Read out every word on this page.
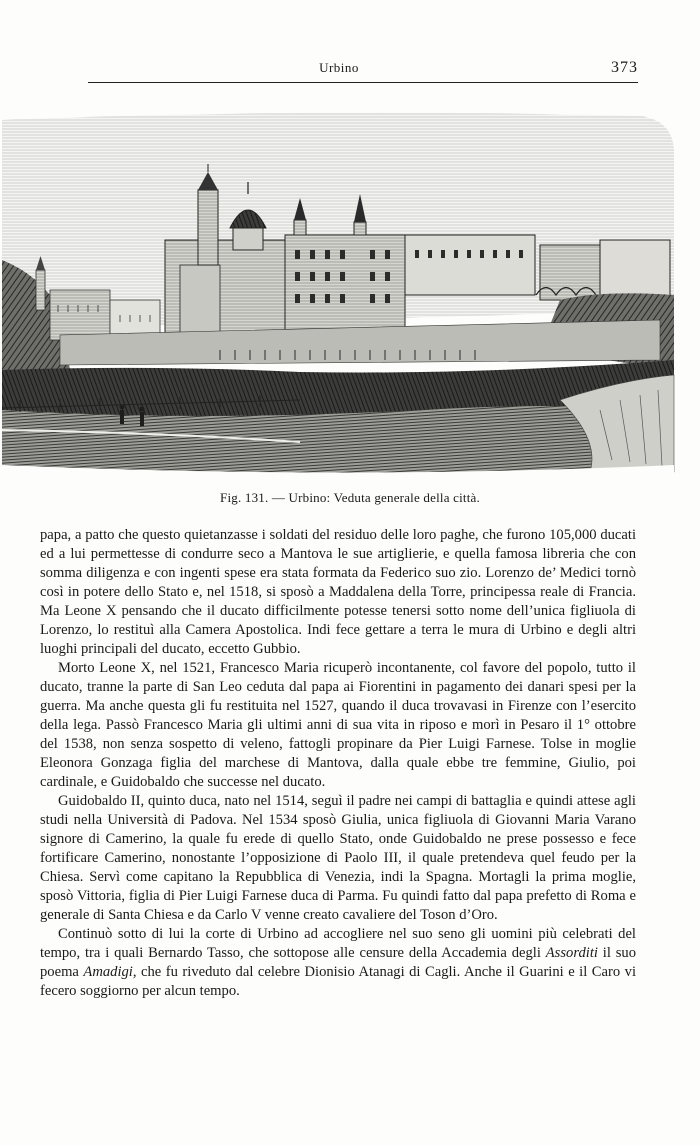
Urbino	373
Fig. 131. — Urbino: Veduta generale della città.

papa, a patto che questo quietanzasse i soldati del residuo delle loro paghe, che furono 105,000 ducati ed a lui permettesse di condurre seco a Mantova le sue artiglierie, e quella famosa libreria che con somma diligenza e con ingenti spese era stata formata da Federico suo zio. Lorenzo de’ Medici tornò così in potere dello Stato e, nel 1518, si sposò a Maddalena della Torre, principessa reale di Francia. Ma Leone X pensando che il ducato difficilmente potesse tenersi sotto nome dell’unica figliuola di Lorenzo, lo restituì alla Camera Apostolica. Indi fece gettare a terra le mura di Urbino e degli altri luoghi principali del ducato, eccetto Gubbio.

Morto Leone X, nel 1521, Francesco Maria ricuperò incontanente, col favore del popolo, tutto il ducato, tranne la parte di San Leo ceduta dal papa ai Fiorentini in pagamento dei danari spesi per la guerra. Ma anche questa gli fu restituita nel 1527, quando il duca trovavasi in Firenze con l’esercito della lega. Passò Francesco Maria gli ultimi anni di sua vita in riposo e morì in Pesaro il 1° ottobre del 1538, non senza sospetto di veleno, fattogli propinare da Pier Luigi Farnese. Tolse in moglie Eleonora Gonzaga figlia del marchese di Mantova, dalla quale ebbe tre femmine, Giulio, poi cardinale, e Guidobaldo che successe nel ducato.

Guidobaldo II, quinto duca, nato nel 1514, seguì il padre nei campi di battaglia e quindi attese agli studi nella Università di Padova. Nel 1534 sposò Giulia, unica figliuola di Giovanni Maria Varano signore di Camerino, la quale fu erede di quello Stato, onde Guidobaldo ne prese possesso e fece fortificare Camerino, nonostante l’opposizione di Paolo III, il quale pretendeva quel feudo per la Chiesa. Servì come capitano la Repubblica di Venezia, indi la Spagna. Mortagli la prima moglie, sposò Vittoria, figlia di Pier Luigi Farnese duca di Parma. Fu quindi fatto dal papa prefetto di Roma e generale di Santa Chiesa e da Carlo V venne creato cavaliere del Toson d’Oro.

Continuò sotto di lui la corte di Urbino ad accogliere nel suo seno gli uomini più celebrati del tempo, tra i quali Bernardo Tasso, che sottopose alle censure della Accademia degli Assorditi il suo poema Amadigi, che fu riveduto dal celebre Dionisio Atanagi di Cagli. Anche il Guarini e il Caro vi fecero soggiorno per alcun tempo.
